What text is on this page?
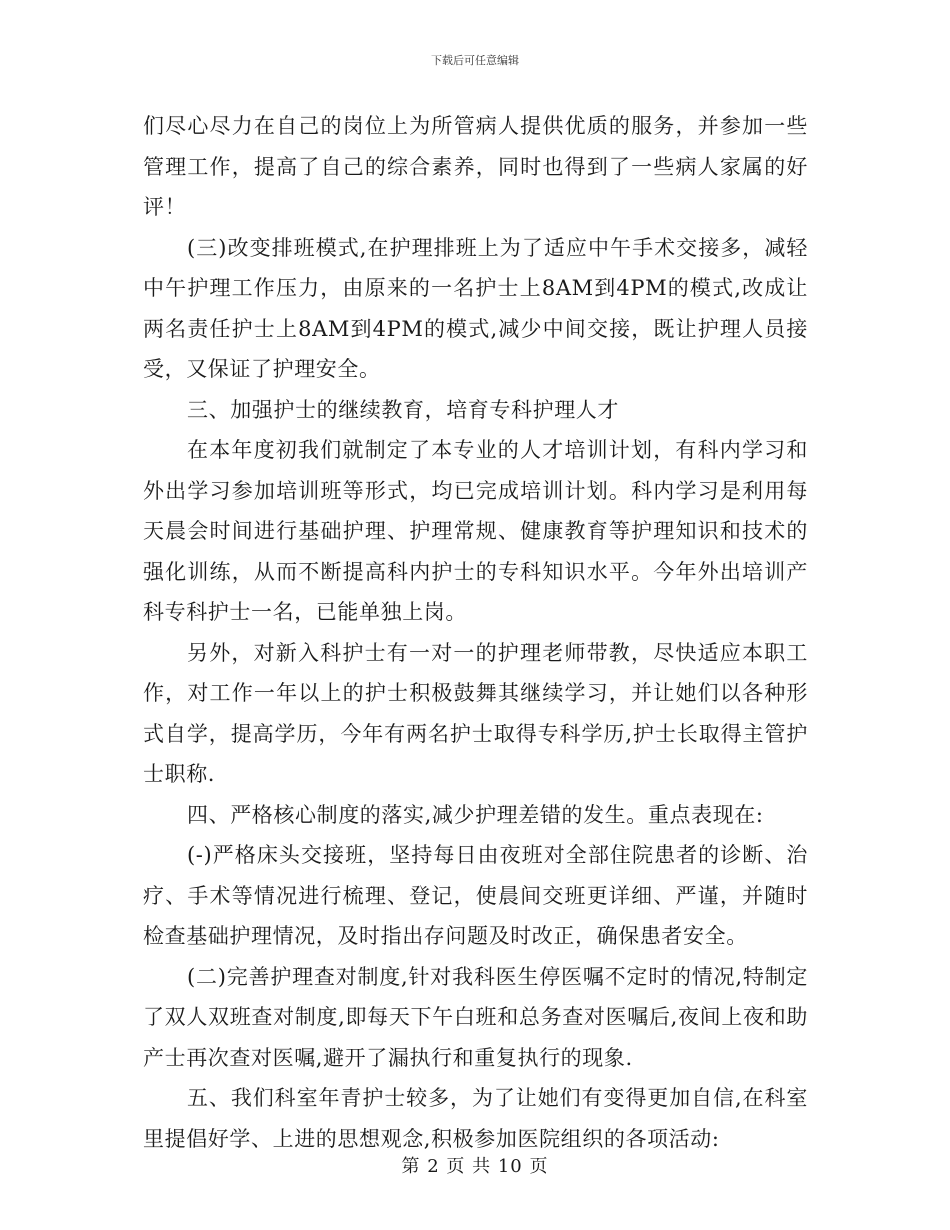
下载后可任意编辑

们尽心尽力在自己的岗位上为所管病人提供优质的服务，并参加一些管理工作，提高了自己的综合素养，同时也得到了一些病人家属的好评！

(三)改变排班模式,在护理排班上为了适应中午手术交接多，减轻中午护理工作压力，由原来的一名护士上8AM到4PM的模式,改成让两名责任护士上8AM到4PM的模式,减少中间交接，既让护理人员接受，又保证了护理安全。

三、加强护士的继续教育，培育专科护理人才

在本年度初我们就制定了本专业的人才培训计划，有科内学习和外出学习参加培训班等形式，均已完成培训计划。科内学习是利用每天晨会时间进行基础护理、护理常规、健康教育等护理知识和技术的强化训练，从而不断提高科内护士的专科知识水平。今年外出培训产科专科护士一名，已能单独上岗。

另外，对新入科护士有一对一的护理老师带教，尽快适应本职工作，对工作一年以上的护士积极鼓舞其继续学习，并让她们以各种形式自学，提高学历，今年有两名护士取得专科学历,护士长取得主管护士职称.

四、严格核心制度的落实,减少护理差错的发生。重点表现在:

(-)严格床头交接班，坚持每日由夜班对全部住院患者的诊断、治疗、手术等情况进行梳理、登记，使晨间交班更详细、严谨，并随时检查基础护理情况，及时指出存问题及时改正，确保患者安全。

(二)完善护理查对制度,针对我科医生停医嘱不定时的情况,特制定了双人双班查对制度,即每天下午白班和总务查对医嘱后,夜间上夜和助产士再次查对医嘱,避开了漏执行和重复执行的现象.

五、我们科室年青护士较多，为了让她们有变得更加自信,在科室里提倡好学、上进的思想观念,积极参加医院组织的各项活动:

第 2 页 共 10 页
